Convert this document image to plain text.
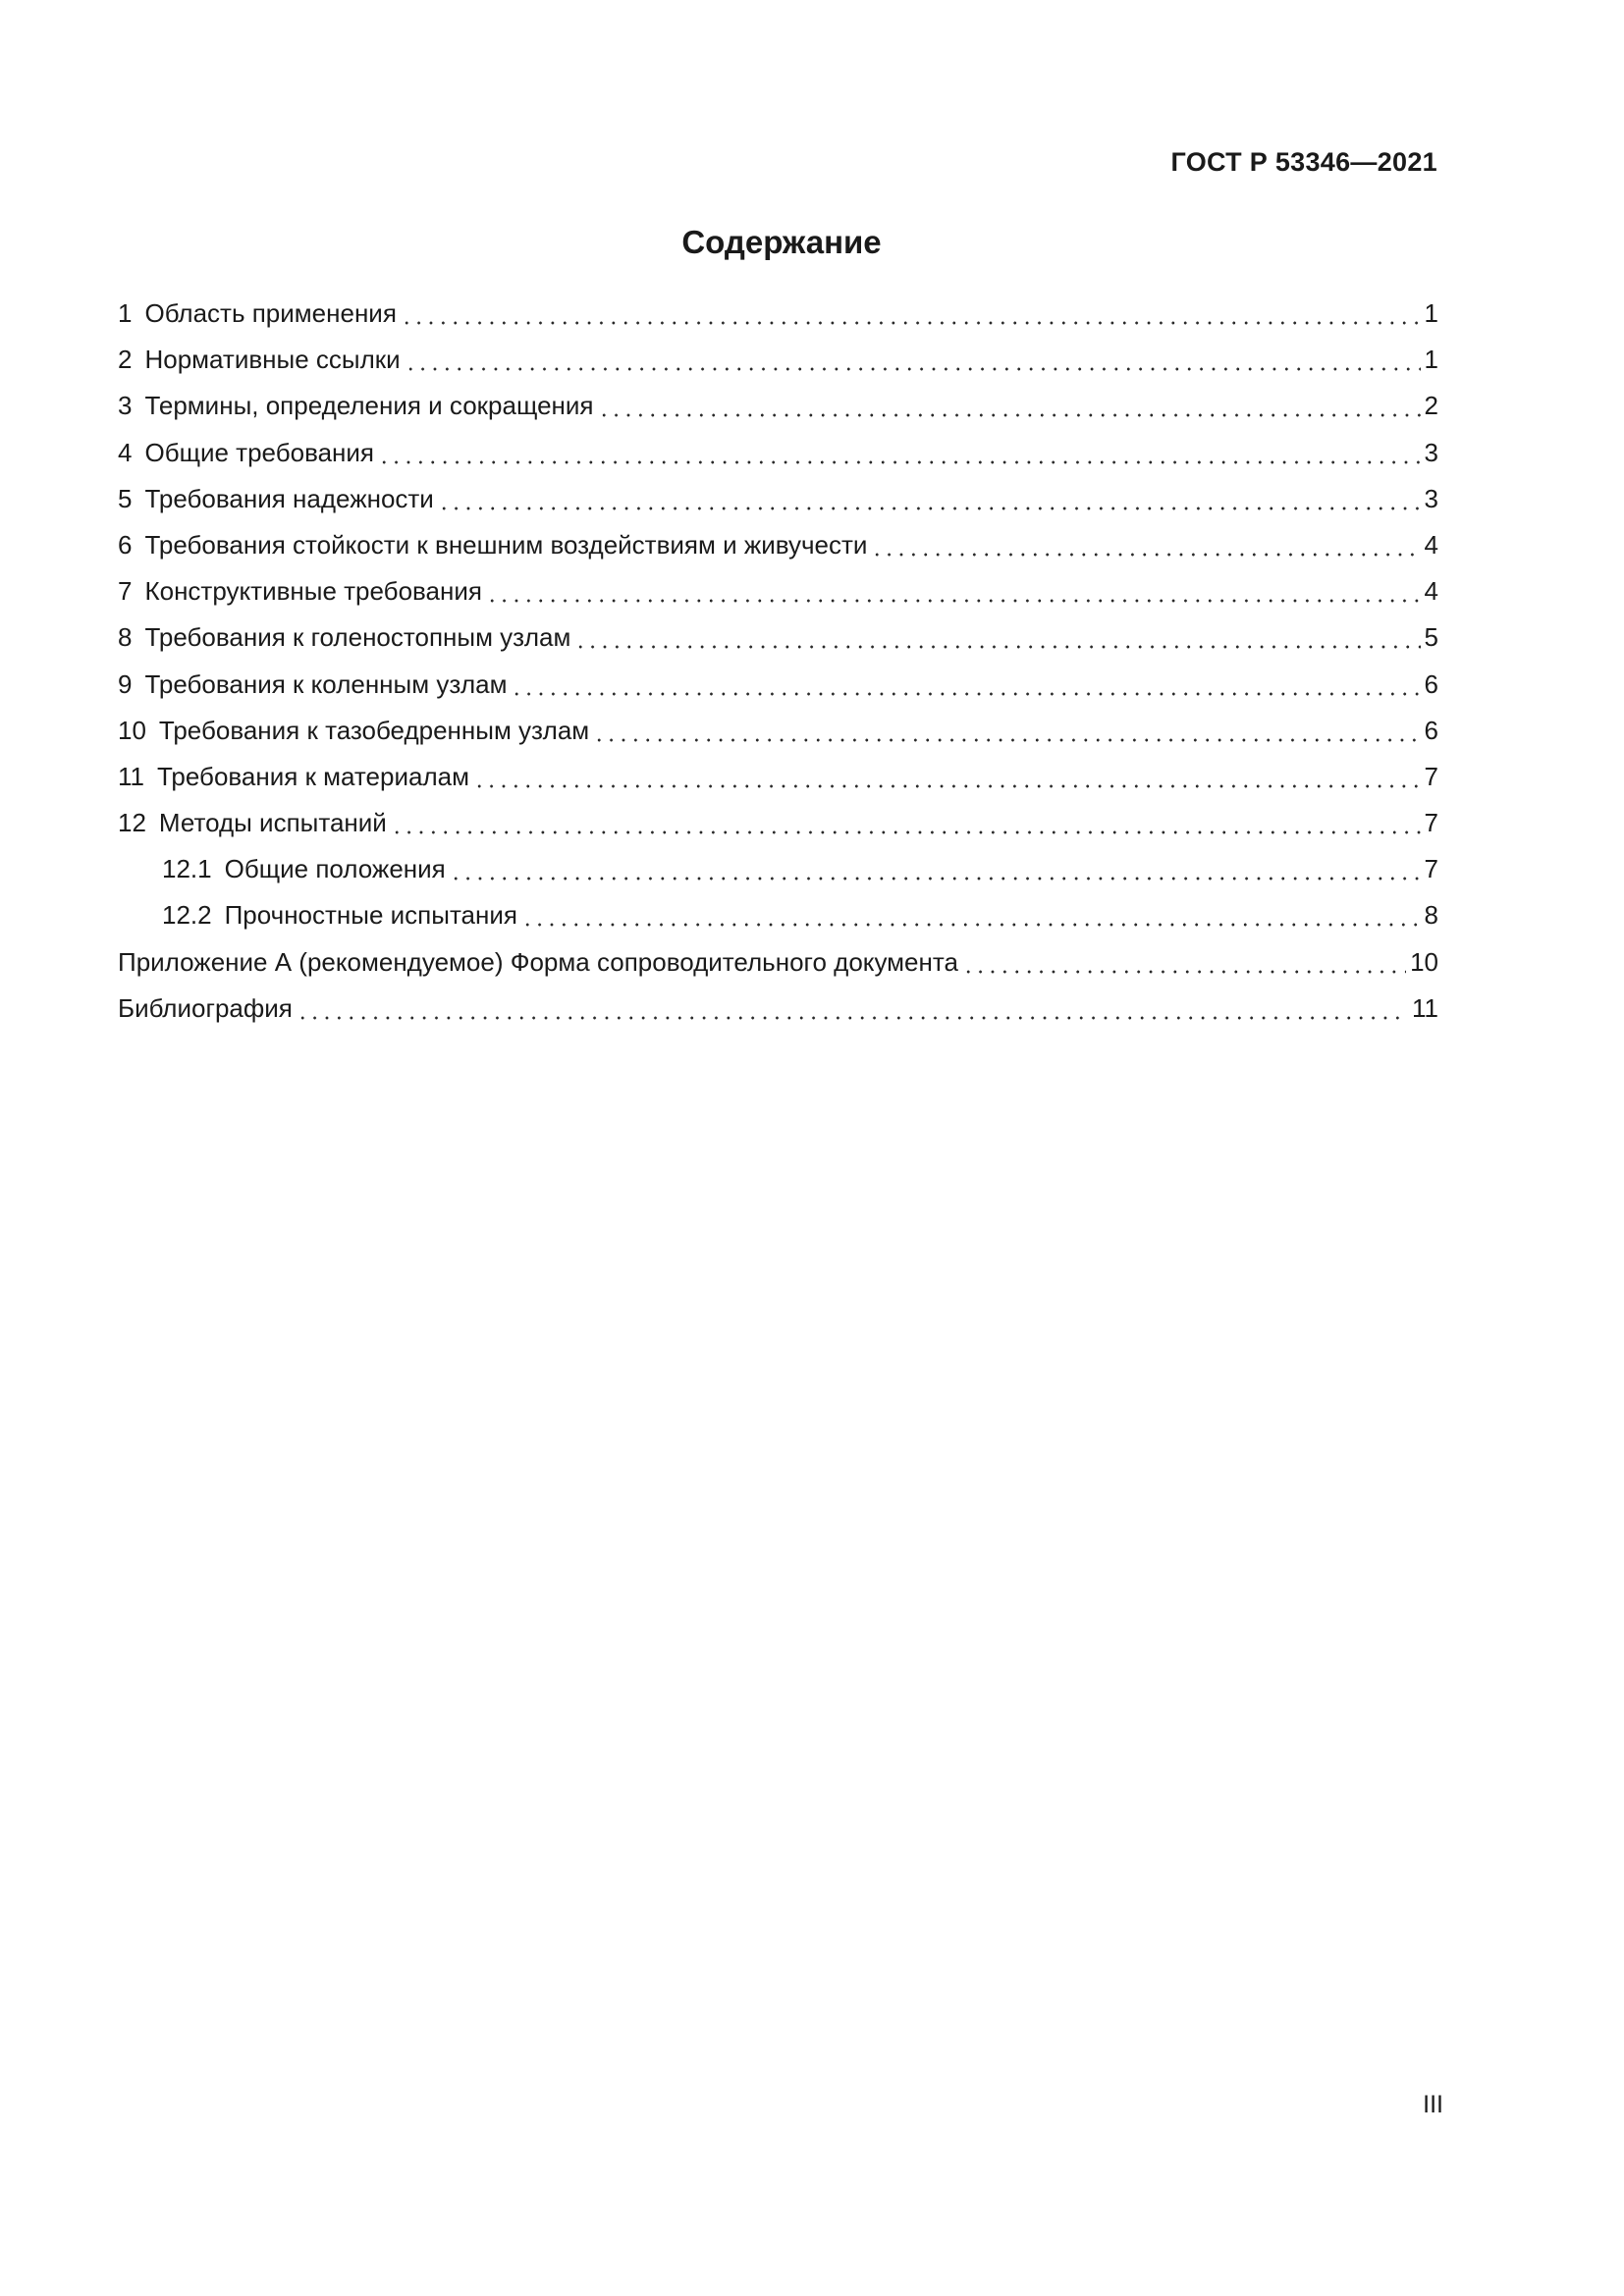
ГОСТ Р 53346—2021
Содержание
1 Область применения	1
2 Нормативные ссылки	1
3 Термины, определения и сокращения	2
4 Общие требования	3
5 Требования надежности	3
6 Требования стойкости к внешним воздействиям и живучести	4
7 Конструктивные требования	4
8 Требования к голеностопным узлам	5
9 Требования к коленным узлам	6
10 Требования к тазобедренным узлам	6
11 Требования к материалам	7
12 Методы испытаний	7
12.1 Общие положения	7
12.2 Прочностные испытания	8
Приложение А (рекомендуемое) Форма сопроводительного документа	10
Библиография	11
III
